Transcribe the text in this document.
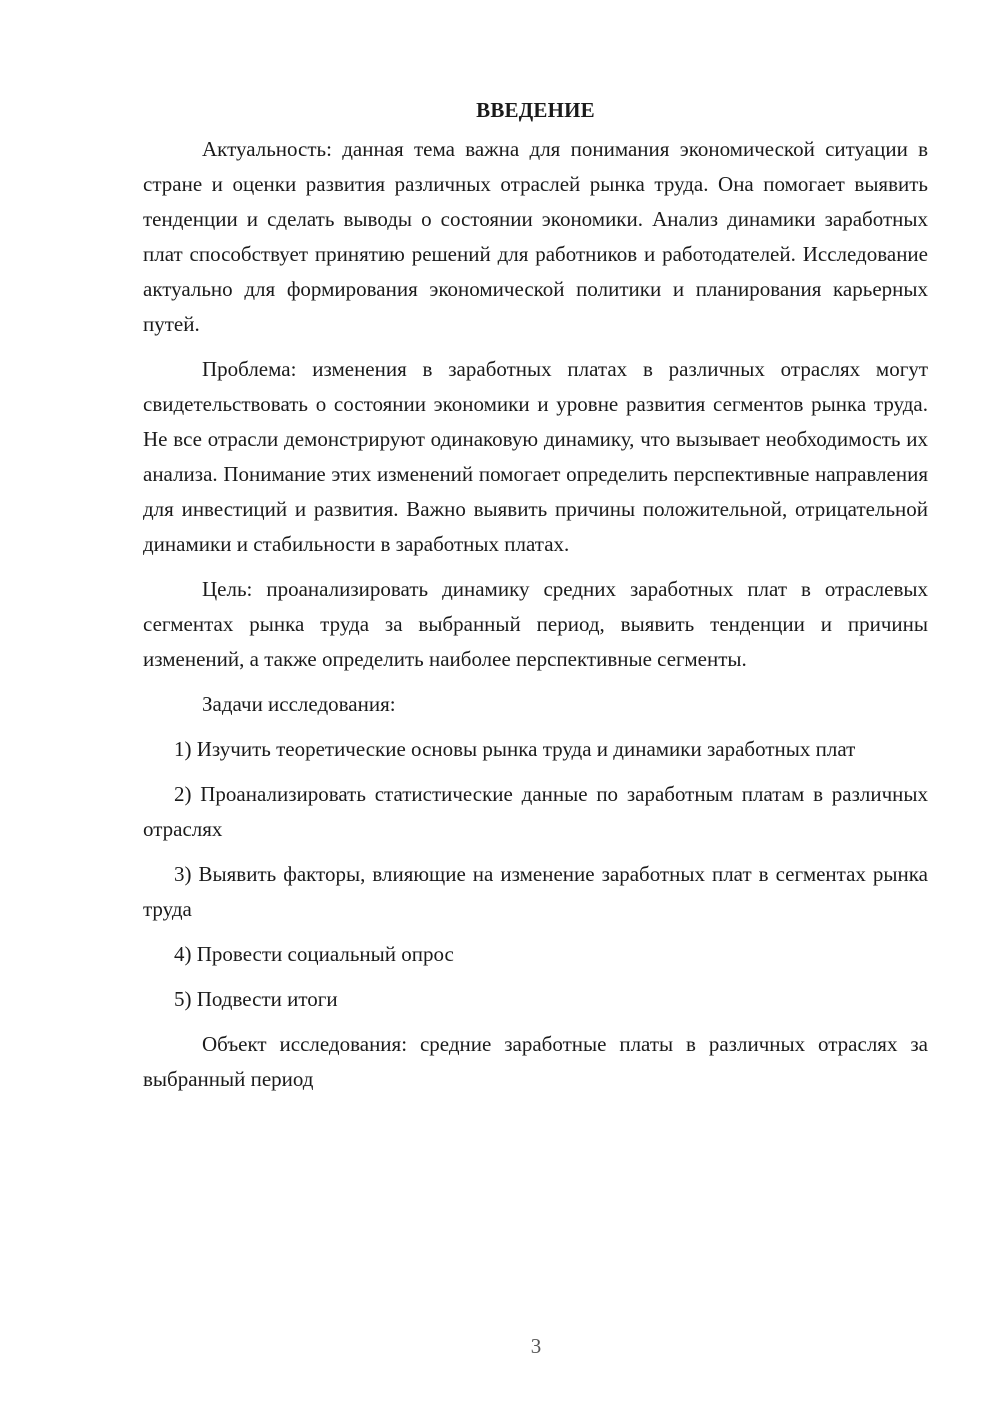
ВВЕДЕНИЕ

Актуальность: данная тема важна для понимания экономической ситуации в стране и оценки развития различных отраслей рынка труда. Она помогает выявить тенденции и сделать выводы о состоянии экономики. Анализ динамики заработных плат способствует принятию решений для работников и работодателей. Исследование актуально для формирования экономической политики и планирования карьерных путей.

Проблема: изменения в заработных платах в различных отраслях могут свидетельствовать о состоянии экономики и уровне развития сегментов рынка труда. Не все отрасли демонстрируют одинаковую динамику, что вызывает необходимость их анализа. Понимание этих изменений помогает определить перспективные направления для инвестиций и развития. Важно выявить причины положительной, отрицательной динамики и стабильности в заработных платах.

Цель: проанализировать динамику средних заработных плат в отраслевых сегментах рынка труда за выбранный период, выявить тенденции и причины изменений, а также определить наиболее перспективные сегменты.

Задачи исследования:

1) Изучить теоретические основы рынка труда и динамики заработных плат

2) Проанализировать статистические данные по заработным платам в различных отраслях

3) Выявить факторы, влияющие на изменение заработных плат в сегментах рынка труда

4) Провести социальный опрос

5) Подвести итоги

Объект исследования: средние заработные платы в различных отраслях за выбранный период

3
